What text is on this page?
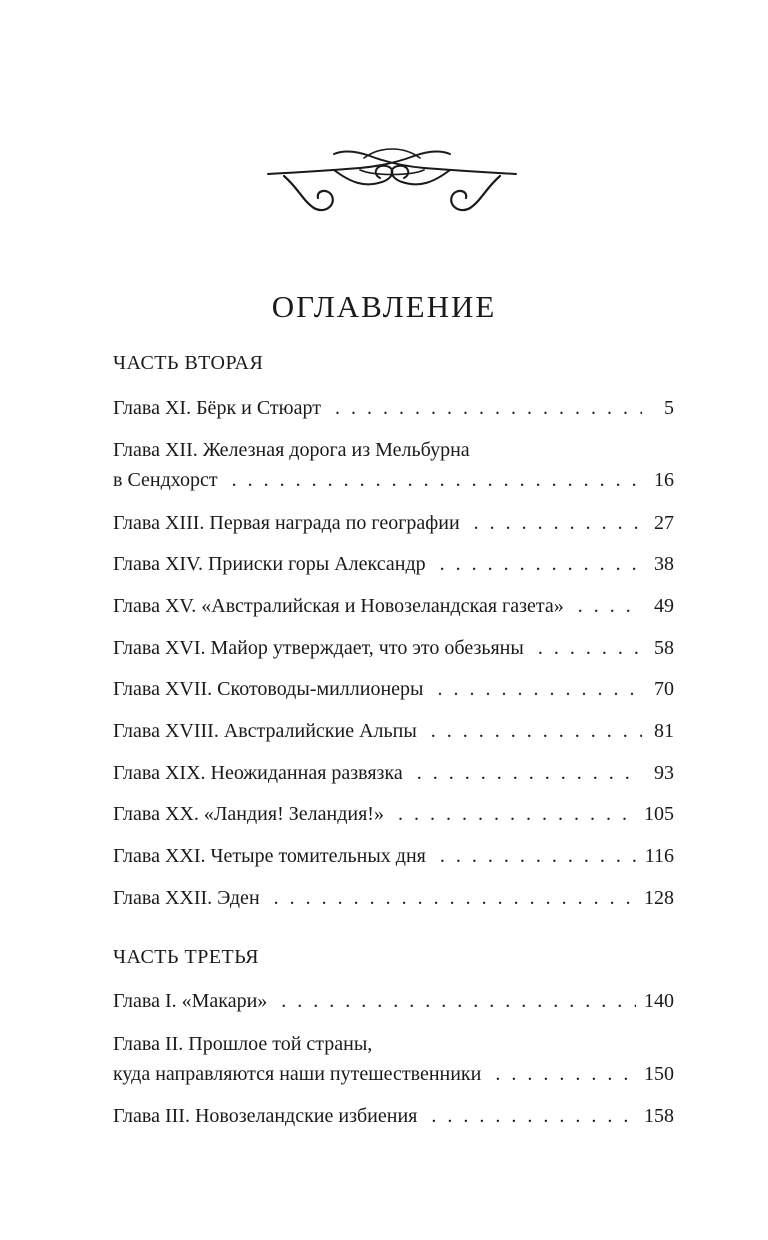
ОГЛАВЛЕНИЕ
ЧАСТЬ ВТОРАЯ
Глава XI. Бёрк и Стюарт . . .	5
Глава XII. Железная дорога из Мельбурна
в Сендхорст . . .	16
Глава XIII. Первая награда по географии . . .	27
Глава XIV. Прииски горы Александр . . .	38
Глава XV. «Австралийская и Новозеландская газета» . . .	49
Глава XVI. Майор утверждает, что это обезьяны . . .	58
Глава XVII. Скотоводы-миллионеры . . .	70
Глава XVIII. Австралийские Альпы . . .	81
Глава XIX. Неожиданная развязка . . .	93
Глава XX. «Ландия! Зеландия!» . . .	105
Глава XXI. Четыре томительных дня . . .	116
Глава XXII. Эден . . .	128
ЧАСТЬ ТРЕТЬЯ
Глава I. «Макари» . . .	140
Глава II. Прошлое той страны,
куда направляются наши путешественники . . .	150
Глава III. Новозеландские избиения . . .	158
